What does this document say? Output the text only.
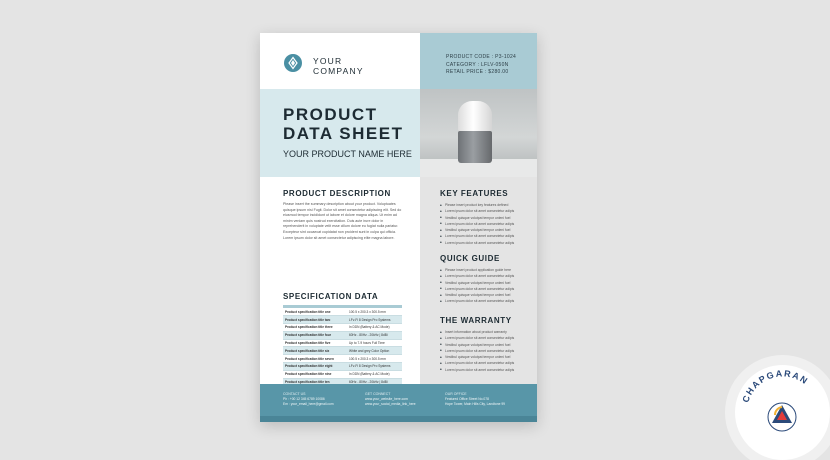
YOUR
COMPANY
PRODUCT CODE : P3-1024
CATEGORY : LFLV-050N
RETAIL PRICE : $280.00
PRODUCT
DATA SHEET
YOUR PRODUCT NAME HERE
PRODUCT DESCRIPTION

Please insert the summary description about your product. Voluptuates quisque ipsum nisi Fugit. Dolor sit amet consectetur adipiscing elit. Sed do eiusmod tempor incididunt ut labore et dolore magna aliqua. Ut enim ad minim veniam quis nostrud exercitation. Duis aute irure dolor in reprehenderit in voluptate velit esse cillum dolore eu fugiat nulla pariatur. Excepteur sint occaecat cupidatat non proident sunt in culpa qui officia. Lorem ipsum dolor sit amet consectetur adipiscing elite magna labore.

SPECIFICATION DATA

Product specification title one	100.5 x 200.3 x 300.5 mm
Product specification title two	LFv-Fi 8 Design Pro Systems
Product specification title three	In DDN (Battery & AC Mode)
Product specification title four	60Hz - 80Hz - 20kHz | 8dBi
Product specification title five	Up to 7-9 hours Full Time
Product specification title six	White and grey Color Option
Product specification title seven	100.5 x 200.3 x 300.5 mm
Product specification title eight	LFv-Fi 8 Design Pro Systems
Product specification title nine	In DDN (Battery & AC Mode)
Product specification title ten	60Hz - 80Hz - 20kHz | 8dBi

KEY FEATURES
• Please insert product key features defined
• Lorem ipsum dolor sit amet consectetur adipis
• Vestibul quisque volutpat tempor unleni fuel
• Lorem ipsum dolor sit amet consectetur adipis
• Vestibul quisque volutpat tempor unleni fuel
• Lorem ipsum dolor sit amet consectetur adipis
• Lorem ipsum dolor sit amet consectetur adipis
QUICK GUIDE
• Please insert product application guide here
• Lorem ipsum dolor sit amet consectetur adipis
• Vestibul quisque volutpat tempor unleni fuel
• Lorem ipsum dolor sit amet consectetur adipis
• Vestibul quisque volutpat tempor unleni fuel
• Lorem ipsum dolor sit amet consectetur adipis
THE WARRANTY
• Insert information about product warranty
• Lorem ipsum dolor sit amet consectetur adipis
• Vestibul quisque volutpat tempor unleni fuel
• Lorem ipsum dolor sit amet consectetur adipis
• Vestibul quisque volutpat tempor unleni fuel
• Lorem ipsum dolor sit amet consectetur adipis
• Lorem ipsum dolor sit amet consectetur adipis
CONTACT US
Ph : +00 12 345 6789 10086
Em : your_email_here@gmail.com
GET CONNECT
www.your_website_here.com
www.your_social_media_link_here
OUR OFFICE
Featured Office Street No.078
Hope Tower, Main Hills City, Landtone 99
CHAPGARAN
